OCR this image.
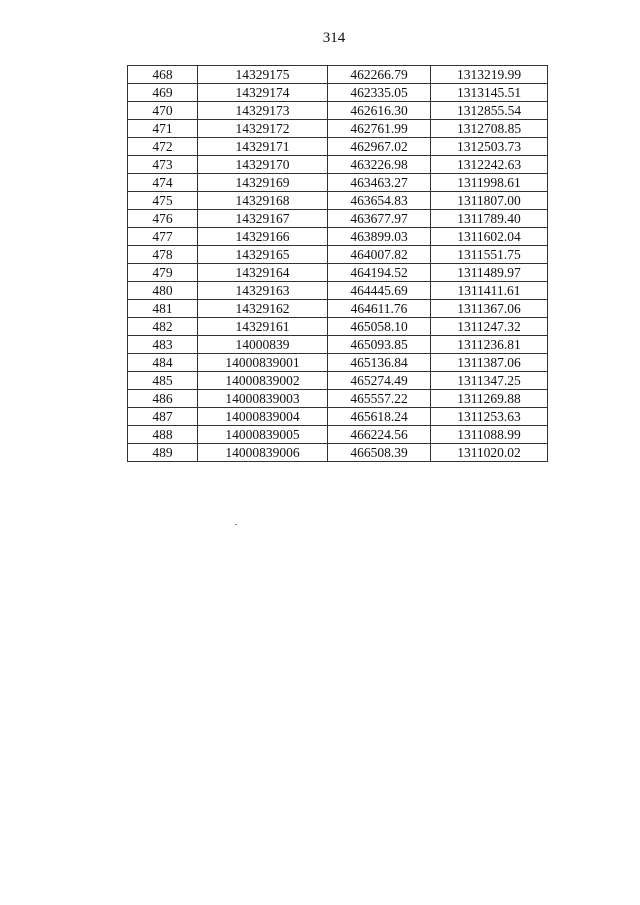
314
468	14329175	462266.79	1313219.99
469	14329174	462335.05	1313145.51
470	14329173	462616.30	1312855.54
471	14329172	462761.99	1312708.85
472	14329171	462967.02	1312503.73
473	14329170	463226.98	1312242.63
474	14329169	463463.27	1311998.61
475	14329168	463654.83	1311807.00
476	14329167	463677.97	1311789.40
477	14329166	463899.03	1311602.04
478	14329165	464007.82	1311551.75
479	14329164	464194.52	1311489.97
480	14329163	464445.69	1311411.61
481	14329162	464611.76	1311367.06
482	14329161	465058.10	1311247.32
483	14000839	465093.85	1311236.81
484	14000839001	465136.84	1311387.06
485	14000839002	465274.49	1311347.25
486	14000839003	465557.22	1311269.88
487	14000839004	465618.24	1311253.63
488	14000839005	466224.56	1311088.99
489	14000839006	466508.39	1311020.02
